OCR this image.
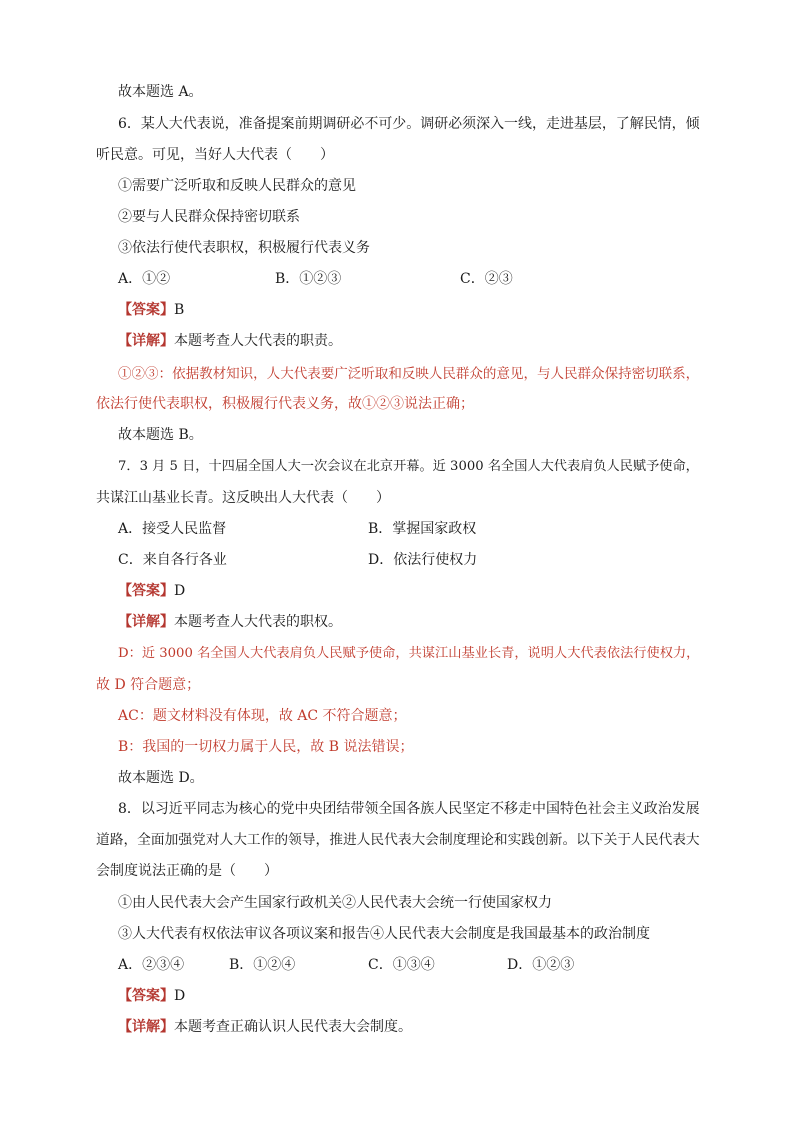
故本题选 A。
6．某人大代表说，准备提案前期调研必不可少。调研必须深入一线，走进基层，了解民情，倾
听民意。可见，当好人大代表（　　）
①需要广泛听取和反映人民群众的意见
②要与人民群众保持密切联系
③依法行使代表职权，积极履行代表义务
A．①②	B．①②③	C．②③
【答案】B
【详解】本题考查人大代表的职责。
①②③：依据教材知识，人大代表要广泛听取和反映人民群众的意见，与人民群众保持密切联系，
依法行使代表职权，积极履行代表义务，故①②③说法正确；
故本题选 B。
7．3 月 5 日，十四届全国人大一次会议在北京开幕。近 3000 名全国人大代表肩负人民赋予使命，
共谋江山基业长青。这反映出人大代表（　　）
A．接受人民监督	B．掌握国家政权
C．来自各行各业	D．依法行使权力
【答案】D
【详解】本题考查人大代表的职权。
D：近 3000 名全国人大代表肩负人民赋予使命，共谋江山基业长青，说明人大代表依法行使权力，
故 D 符合题意；
AC：题文材料没有体现，故 AC 不符合题意；
B：我国的一切权力属于人民，故 B 说法错误；
故本题选 D。
8．以习近平同志为核心的党中央团结带领全国各族人民坚定不移走中国特色社会主义政治发展
道路，全面加强党对人大工作的领导，推进人民代表大会制度理论和实践创新。以下关于人民代表大
会制度说法正确的是（　　）
①由人民代表大会产生国家行政机关②人民代表大会统一行使国家权力
③人大代表有权依法审议各项议案和报告④人民代表大会制度是我国最基本的政治制度
A．②③④	B．①②④	C．①③④	D．①②③
【答案】D
【详解】本题考查正确认识人民代表大会制度。
